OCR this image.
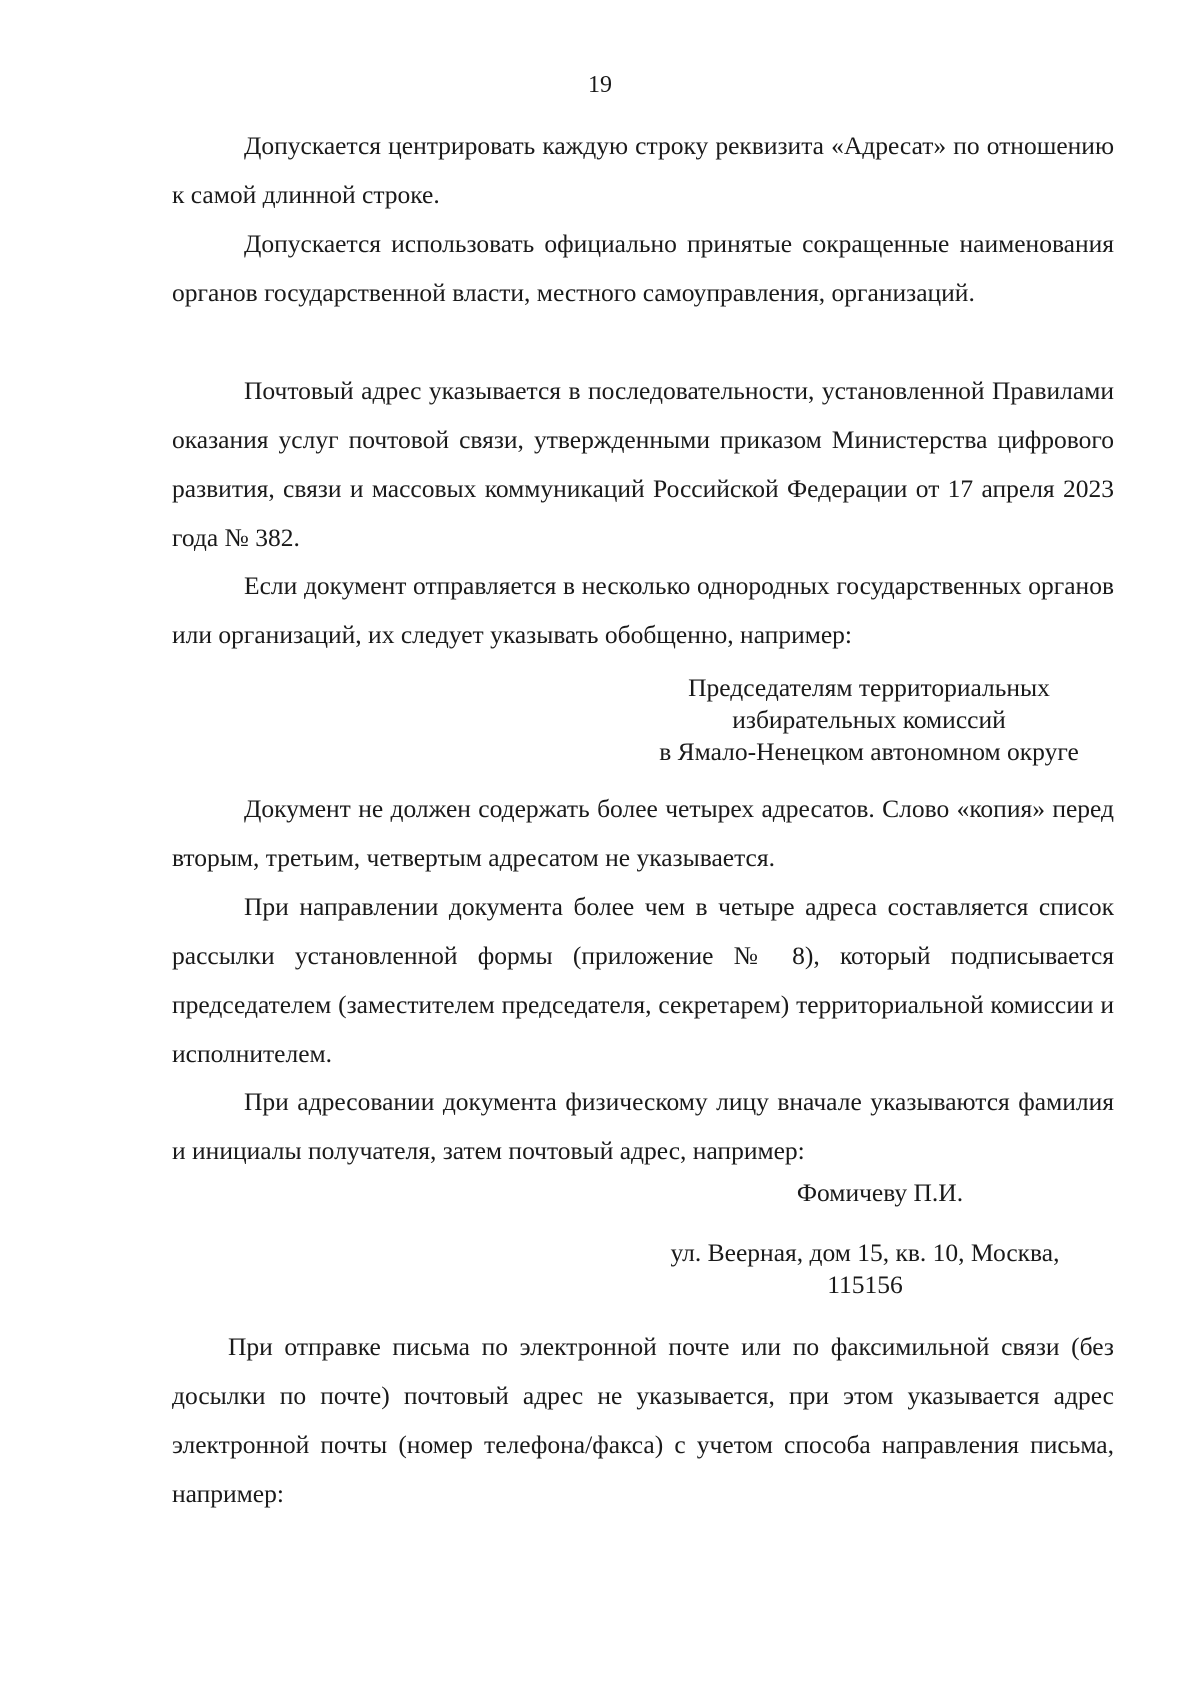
19

Допускается центрировать каждую строку реквизита «Адресат» по отношению к самой длинной строке.

Допускается использовать официально принятые сокращенные наименования органов государственной власти, местного самоуправления, организаций.

Почтовый адрес указывается в последовательности, установленной Правилами оказания услуг почтовой связи, утвержденными приказом Министерства цифрового развития, связи и массовых коммуникаций Российской Федерации от 17 апреля 2023 года № 382.

Если документ отправляется в несколько однородных государственных органов или организаций, их следует указывать обобщенно, например:

Председателям территориальных
избирательных комиссий
в Ямало-Ненецком автономном округе

Документ не должен содержать более четырех адресатов. Слово «копия» перед вторым, третьим, четвертым адресатом не указывается.

При направлении документа более чем в четыре адреса составляется список рассылки установленной формы (приложение № 8), который подписывается председателем (заместителем председателя, секретарем) территориальной комиссии и исполнителем.

При адресовании документа физическому лицу вначале указываются фамилия и инициалы получателя, затем почтовый адрес, например:

Фомичеву П.И.
ул. Веерная, дом 15, кв. 10, Москва,
115156

При отправке письма по электронной почте или по факсимильной связи (без досылки по почте) почтовый адрес не указывается, при этом указывается адрес электронной почты (номер телефона/факса) с учетом способа направления письма, например:
